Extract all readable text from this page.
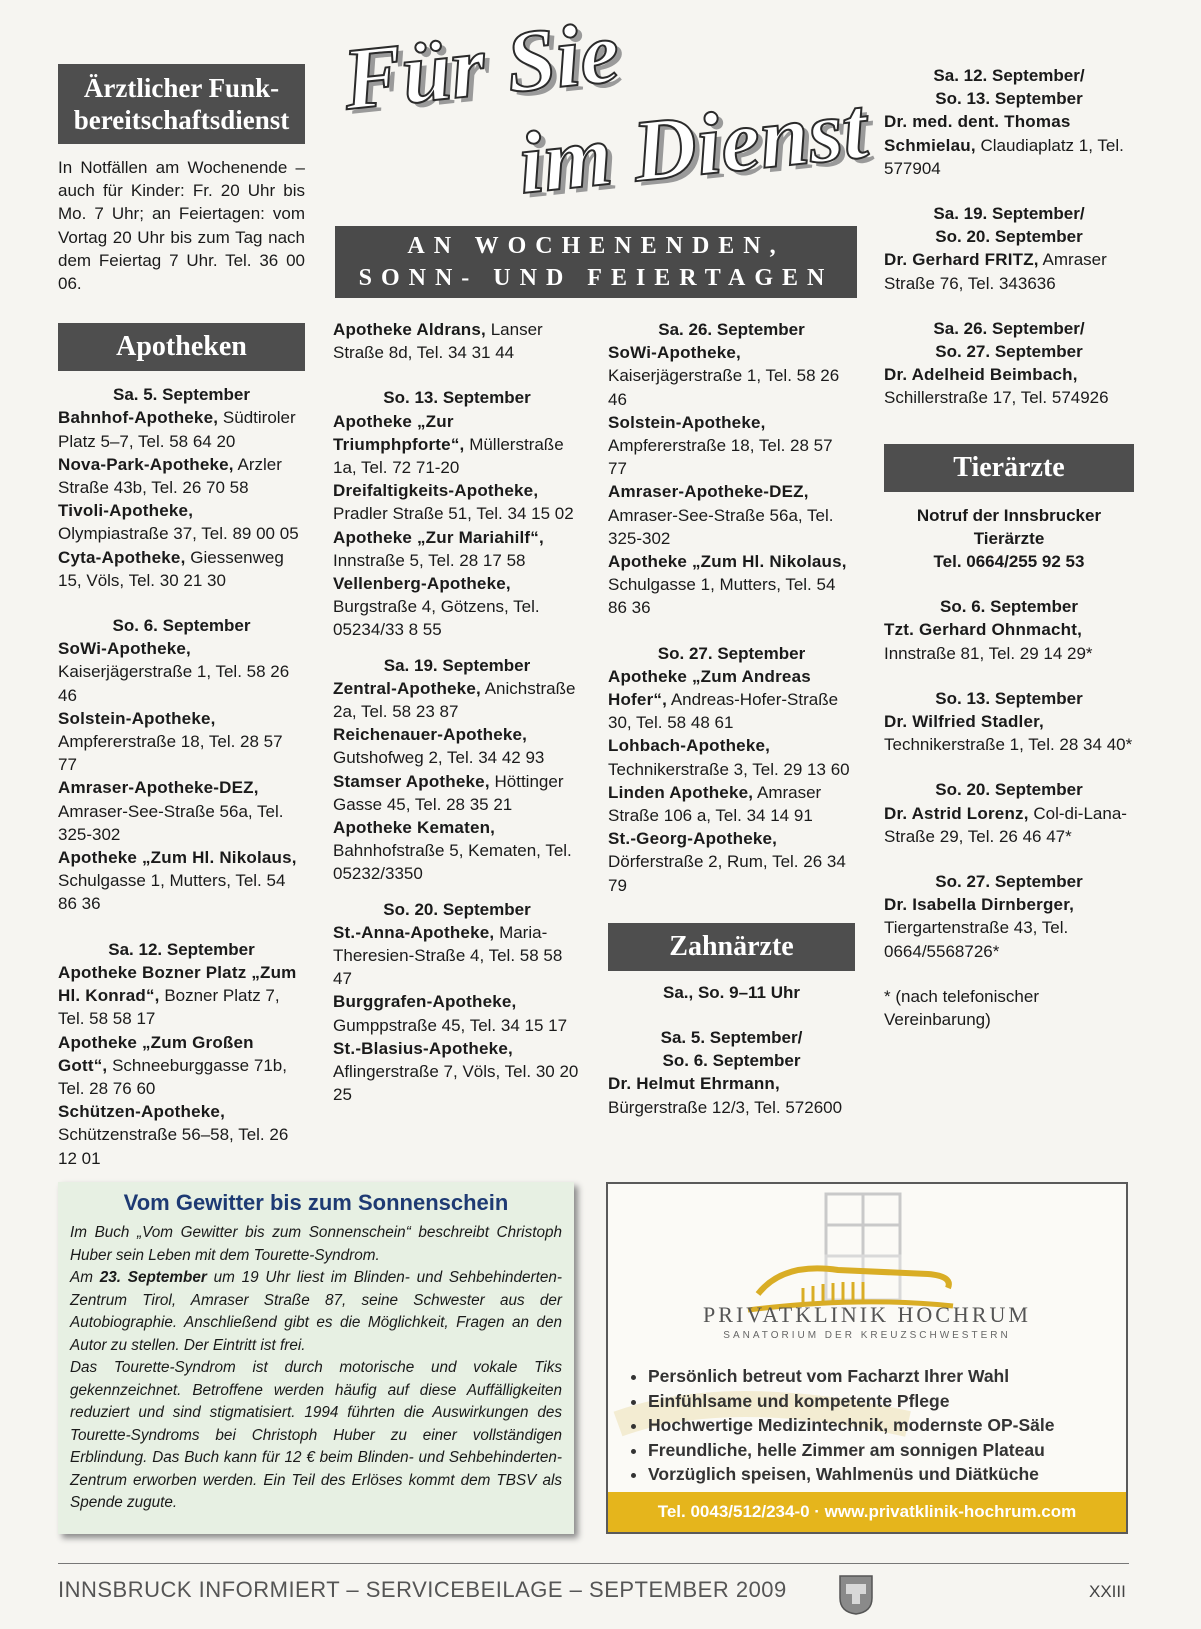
Für Sie
im Dienst
AN WOCHENENDEN,
SONN- UND FEIERTAGEN
Ärztlicher Funk-
bereitschaftsdienst

In Notfällen am Wochenende – auch für Kinder: Fr. 20 Uhr bis Mo. 7 Uhr; an Feiertagen: vom Vortag 20 Uhr bis zum Tag nach dem Feiertag 7 Uhr. Tel. 36 00 06.

Apotheken

Sa. 5. September

Bahnhof-Apotheke, Südtiroler Platz 5–7, Tel. 58 64 20

Nova-Park-Apotheke, Arzler Straße 43b, Tel. 26 70 58

Tivoli-Apotheke, Olympiastraße 37, Tel. 89 00 05

Cyta-Apotheke, Giessenweg 15, Völs, Tel. 30 21 30

So. 6. September

SoWi-Apotheke, Kaiserjägerstraße 1, Tel. 58 26 46

Solstein-Apotheke, Ampfererstraße 18, Tel. 28 57 77

Amraser-Apotheke-DEZ, Amraser-See-Straße 56a, Tel. 325-302

Apotheke „Zum Hl. Nikolaus, Schulgasse 1, Mutters, Tel. 54 86 36

Sa. 12. September

Apotheke Bozner Platz „Zum Hl. Konrad“, Bozner Platz 7, Tel. 58 58 17

Apotheke „Zum Großen Gott“, Schneeburggasse 71b, Tel. 28 76 60

Schützen-Apotheke, Schützenstraße 56–58, Tel. 26 12 01

Apotheke Aldrans, Lanser Straße 8d, Tel. 34 31 44

So. 13. September

Apotheke „Zur Triumphpforte“, Müllerstraße 1a, Tel. 72 71-20

Dreifaltigkeits-Apotheke, Pradler Straße 51, Tel. 34 15 02

Apotheke „Zur Mariahilf“, Innstraße 5, Tel. 28 17 58

Vellenberg-Apotheke, Burgstraße 4, Götzens, Tel. 05234/33 8 55

Sa. 19. September

Zentral-Apotheke, Anichstraße 2a, Tel. 58 23 87

Reichenauer-Apotheke, Gutshofweg 2, Tel. 34 42 93

Stamser Apotheke, Höttinger Gasse 45, Tel. 28 35 21

Apotheke Kematen, Bahnhofstraße 5, Kematen, Tel. 05232/3350

So. 20. September

St.-Anna-Apotheke, Maria-Theresien-Straße 4, Tel. 58 58 47

Burggrafen-Apotheke, Gumppstraße 45, Tel. 34 15 17

St.-Blasius-Apotheke, Aflingerstraße 7, Völs, Tel. 30 20 25

Sa. 26. September

SoWi-Apotheke, Kaiserjägerstraße 1, Tel. 58 26 46

Solstein-Apotheke, Ampfererstraße 18, Tel. 28 57 77

Amraser-Apotheke-DEZ, Amraser-See-Straße 56a, Tel. 325-302

Apotheke „Zum Hl. Nikolaus, Schulgasse 1, Mutters, Tel. 54 86 36

So. 27. September

Apotheke „Zum Andreas Hofer“, Andreas-Hofer-Straße 30, Tel. 58 48 61

Lohbach-Apotheke, Technikerstraße 3, Tel. 29 13 60

Linden Apotheke, Amraser Straße 106 a, Tel. 34 14 91

St.-Georg-Apotheke, Dörferstraße 2, Rum, Tel. 26 34 79

Zahnärzte

Sa., So. 9–11 Uhr

Sa. 5. September/

So. 6. September

Dr. Helmut Ehrmann, Bürgerstraße 12/3, Tel. 572600

Sa. 12. September/

So. 13. September

Dr. med. dent. Thomas Schmielau, Claudiaplatz 1, Tel. 577904

Sa. 19. September/

So. 20. September

Dr. Gerhard FRITZ, Amraser Straße 76, Tel. 343636

Sa. 26. September/

So. 27. September

Dr. Adelheid Beimbach, Schillerstraße 17, Tel. 574926

Tierärzte

Notruf der Innsbrucker

Tierärzte

Tel. 0664/255 92 53

So. 6. September

Tzt. Gerhard Ohnmacht, Innstraße 81, Tel. 29 14 29*

So. 13. September

Dr. Wilfried Stadler, Technikerstraße 1, Tel. 28 34 40*

So. 20. September

Dr. Astrid Lorenz, Col-di-Lana-Straße 29, Tel. 26 46 47*

So. 27. September

Dr. Isabella Dirnberger, Tiergartenstraße 43, Tel. 0664/5568726*

* (nach telefonischer Vereinbarung)

Vom Gewitter bis zum Sonnenschein

Im Buch „Vom Gewitter bis zum Sonnenschein“ beschreibt Christoph Huber sein Leben mit dem Tourette-Syndrom.

Am 23. September um 19 Uhr liest im Blinden- und Sehbehinderten-Zentrum Tirol, Amraser Straße 87, seine Schwester aus der Autobiographie. Anschließend gibt es die Möglichkeit, Fragen an den Autor zu stellen. Der Eintritt ist frei.

Das Tourette-Syndrom ist durch motorische und vokale Tiks gekennzeichnet. Betroffene werden häufig auf diese Auffälligkeiten reduziert und sind stigmatisiert. 1994 führten die Auswirkungen des Tourette-Syndroms bei Christoph Huber zu einer vollständigen Erblindung. Das Buch kann für 12 € beim Blinden- und Sehbehinderten-Zentrum erworben werden. Ein Teil des Erlöses kommt dem TBSV als Spende zugute.

PRIVATKLINIK HOCHRUM
SANATORIUM DER KREUZSCHWESTERN
• Persönlich betreut vom Facharzt Ihrer Wahl
• Einfühlsame und kompetente Pflege
• Hochwertige Medizintechnik, modernste OP-Säle
• Freundliche, helle Zimmer am sonnigen Plateau
• Vorzüglich speisen, Wahlmenüs und Diätküche
Tel. 0043/512/234-0 · www.privatklinik-hochrum.com
INNSBRUCK INFORMIERT – SERVICEBEILAGE – SEPTEMBER 2009	XXIII
